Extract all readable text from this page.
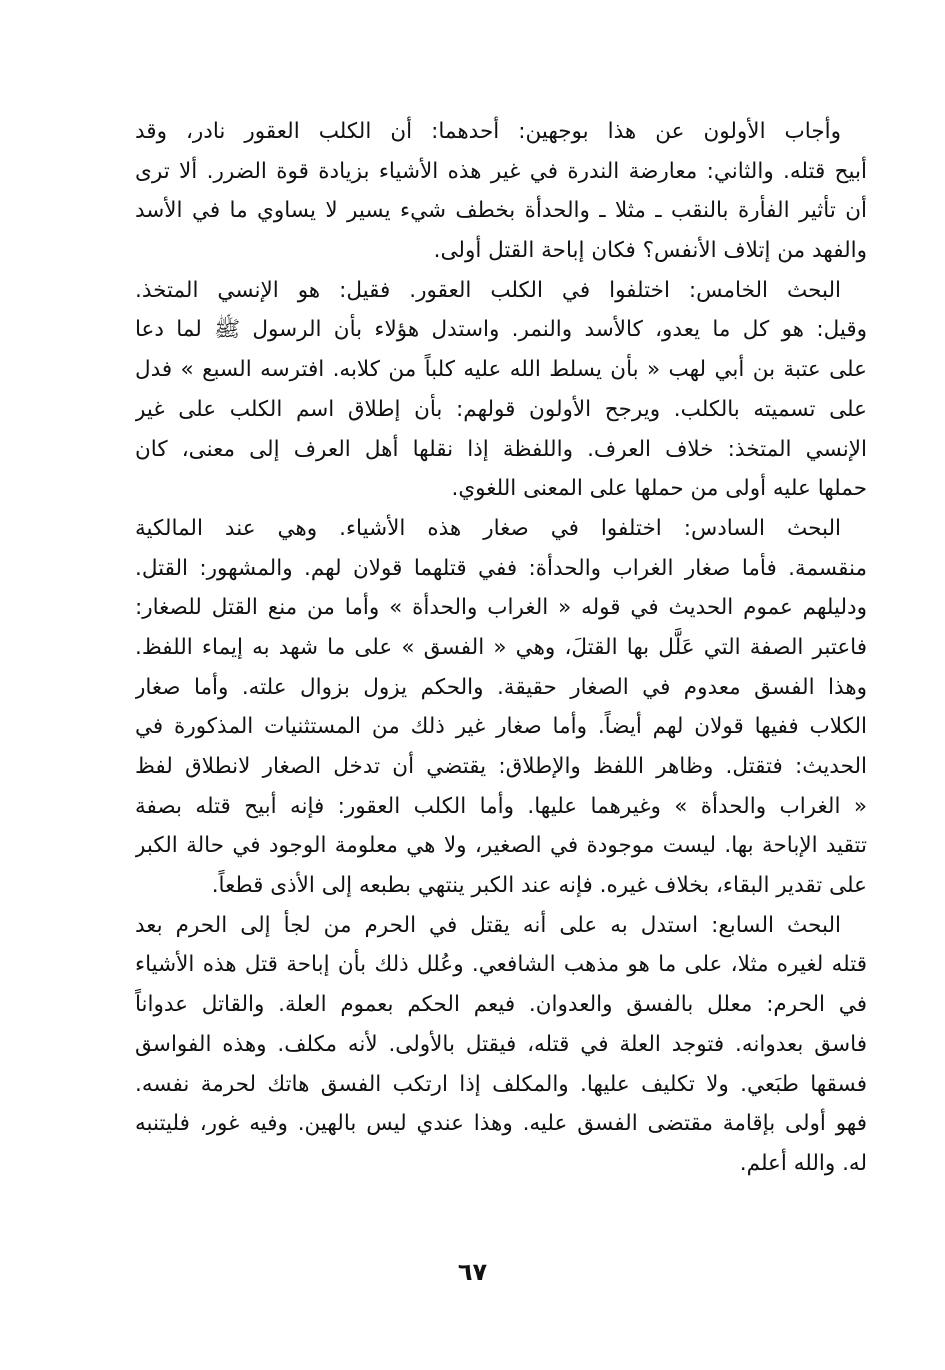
وأجاب الأولون عن هذا بوجهين: أحدهما: أن الكلب العقور نادر، وقد
أبيح قتله. والثاني: معارضة الندرة في غير هذه الأشياء بزيادة قوة الضرر. ألا ترى
أن تأثير الفأرة بالنقب ـ مثلا ـ والحدأة بخطف شيء يسير لا يساوي ما في الأسد
والفهد من إتلاف الأنفس؟ فكان إباحة القتل أولى.
البحث الخامس: اختلفوا في الكلب العقور. فقيل: هو الإنسي المتخذ.
وقيل: هو كل ما يعدو، كالأسد والنمر. واستدل هؤلاء بأن الرسول ﷺ لما دعا
على عتبة بن أبي لهب « بأن يسلط الله عليه كلباً من كلابه. افترسه السبع » فدل
على تسميته بالكلب. ويرجح الأولون قولهم: بأن إطلاق اسم الكلب على غير
الإنسي المتخذ: خلاف العرف. واللفظة إذا نقلها أهل العرف إلى معنى، كان
حملها عليه أولى من حملها على المعنى اللغوي.
البحث السادس: اختلفوا في صغار هذه الأشياء. وهي عند المالكية
منقسمة. فأما صغار الغراب والحدأة: ففي قتلهما قولان لهم. والمشهور: القتل.
ودليلهم عموم الحديث في قوله « الغراب والحدأة » وأما من منع القتل للصغار:
فاعتبر الصفة التي عَلَّل بها القتلَ، وهي « الفسق » على ما شهد به إيماء اللفظ.
وهذا الفسق معدوم في الصغار حقيقة. والحكم يزول بزوال علته. وأما صغار
الكلاب ففيها قولان لهم أيضاً. وأما صغار غير ذلك من المستثنيات المذكورة في
الحديث: فتقتل. وظاهر اللفظ والإطلاق: يقتضي أن تدخل الصغار لانطلاق لفظ
« الغراب والحدأة » وغيرهما عليها. وأما الكلب العقور: فإنه أبيح قتله بصفة
تتقيد الإباحة بها. ليست موجودة في الصغير، ولا هي معلومة الوجود في حالة الكبر
على تقدير البقاء، بخلاف غيره. فإنه عند الكبر ينتهي بطبعه إلى الأذى قطعاً.
البحث السابع: استدل به على أنه يقتل في الحرم من لجأ إلى الحرم بعد
قتله لغيره مثلا، على ما هو مذهب الشافعي. وعُلل ذلك بأن إباحة قتل هذه الأشياء
في الحرم: معلل بالفسق والعدوان. فيعم الحكم بعموم العلة. والقاتل عدواناً
فاسق بعدوانه. فتوجد العلة في قتله، فيقتل بالأولى. لأنه مكلف. وهذه الفواسق
فسقها طبَعي. ولا تكليف عليها. والمكلف إذا ارتكب الفسق هاتك لحرمة نفسه.
فهو أولى بإقامة مقتضى الفسق عليه. وهذا عندي ليس بالهين. وفيه غور، فليتنبه
له. والله أعلم.
٦٧
